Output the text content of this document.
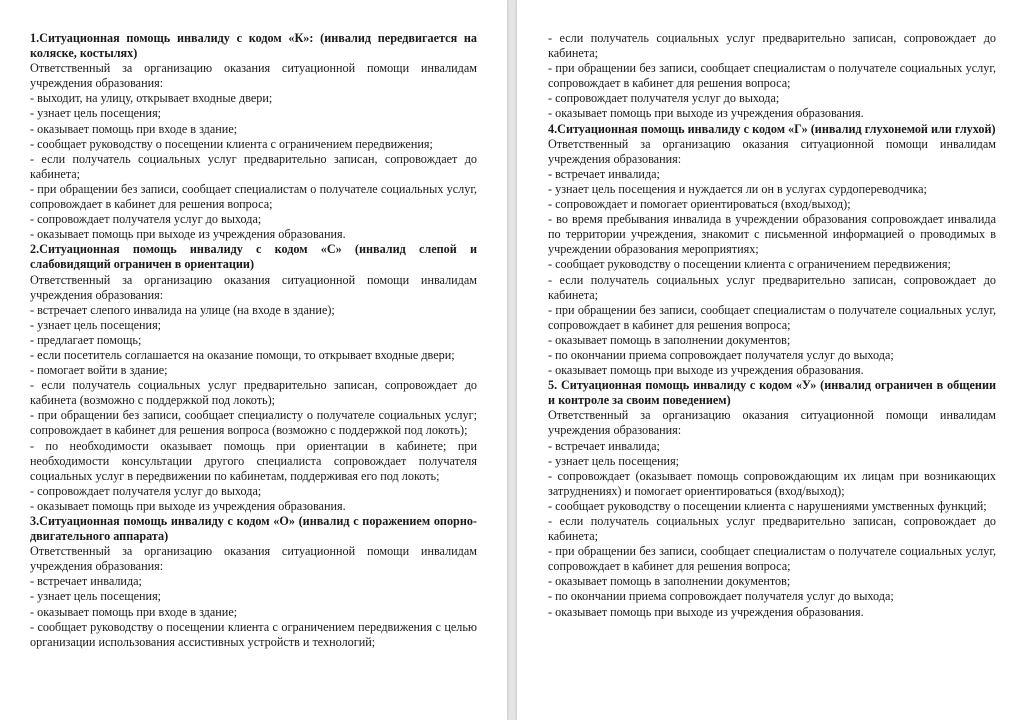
1.Ситуационная помощь инвалиду с кодом «К»: (инвалид передвигается на коляске, костылях)

Ответственный за организацию оказания ситуационной помощи инвалидам учреждения образования:

- выходит, на улицу, открывает входные двери;

- узнает цель посещения;

- оказывает помощь при входе в здание;

- сообщает руководству о посещении клиента с ограничением передвижения;

- если получатель социальных услуг предварительно записан, сопровождает до кабинета;

- при обращении без записи, сообщает специалистам о получателе социальных услуг, сопровождает в кабинет для решения вопроса;

- сопровождает получателя услуг до выхода;

- оказывает помощь при выходе из учреждения образования.

2.Ситуационная помощь инвалиду с кодом «С» (инвалид слепой и слабовидящий ограничен в ориентации)

Ответственный за организацию оказания ситуационной помощи инвалидам учреждения образования:

- встречает слепого инвалида на улице (на входе в здание);

- узнает цель посещения;

- предлагает помощь;

- если посетитель соглашается на оказание помощи, то открывает входные двери;

- помогает войти в здание;

- если получатель социальных услуг предварительно записан, сопровождает до кабинета (возможно с поддержкой под локоть);

- при обращении без записи, сообщает специалисту о получателе социальных услуг; сопровождает в кабинет для решения вопроса (возможно с поддержкой под локоть);

- по необходимости оказывает помощь при ориентации в кабинете; при необходимости консультации другого специалиста сопровождает получателя социальных услуг в передвижении по кабинетам, поддерживая его под локоть;

- сопровождает получателя услуг до выхода;

- оказывает помощь при выходе из учреждения образования.

3.Ситуационная помощь инвалиду с кодом «О» (инвалид с поражением опорно-двигательного аппарата)

Ответственный за организацию оказания ситуационной помощи инвалидам учреждения образования:

- встречает инвалида;

- узнает цель посещения;

- оказывает помощь при входе в здание;

- сообщает руководству о посещении клиента с ограничением передвижения с целью организации использования ассистивных устройств и технологий;

- если получатель социальных услуг предварительно записан, сопровождает до кабинета;

- при обращении без записи, сообщает специалистам о получателе социальных услуг, сопровождает в кабинет для решения вопроса;

- сопровождает получателя услуг до выхода;

- оказывает помощь при выходе из учреждения образования.

4.Ситуационная помощь инвалиду с кодом «Г» (инвалид глухонемой или глухой)

Ответственный за организацию оказания ситуационной помощи инвалидам учреждения образования:

- встречает инвалида;

- узнает цель посещения и нуждается ли он в услугах сурдопереводчика;

- сопровождает и помогает ориентироваться (вход/выход);

- во время пребывания инвалида в учреждении образования сопровождает инвалида по территории учреждения, знакомит с письменной информацией о проводимых в учреждении образования мероприятиях;

- сообщает руководству о посещении клиента с ограничением передвижения;

- если получатель социальных услуг предварительно записан, сопровождает до кабинета;

- при обращении без записи, сообщает специалистам о получателе социальных услуг, сопровождает в кабинет для решения вопроса;

- оказывает помощь в заполнении документов;

- по окончании приема сопровождает получателя услуг до выхода;

- оказывает помощь при выходе из учреждения образования.

5. Ситуационная помощь инвалиду с кодом «У» (инвалид ограничен в общении и контроле за своим поведением)

Ответственный за организацию оказания ситуационной помощи инвалидам учреждения образования:

- встречает инвалида;

- узнает цель посещения;

- сопровождает (оказывает помощь сопровождающим их лицам при возникающих затруднениях) и помогает ориентироваться (вход/выход);

- сообщает руководству о посещении клиента с нарушениями умственных функций;

- если получатель социальных услуг предварительно записан, сопровождает до кабинета;

- при обращении без записи, сообщает специалистам о получателе социальных услуг, сопровождает в кабинет для решения вопроса;

- оказывает помощь в заполнении документов;

- по окончании приема сопровождает получателя услуг до выхода;

- оказывает помощь при выходе из учреждения образования.
